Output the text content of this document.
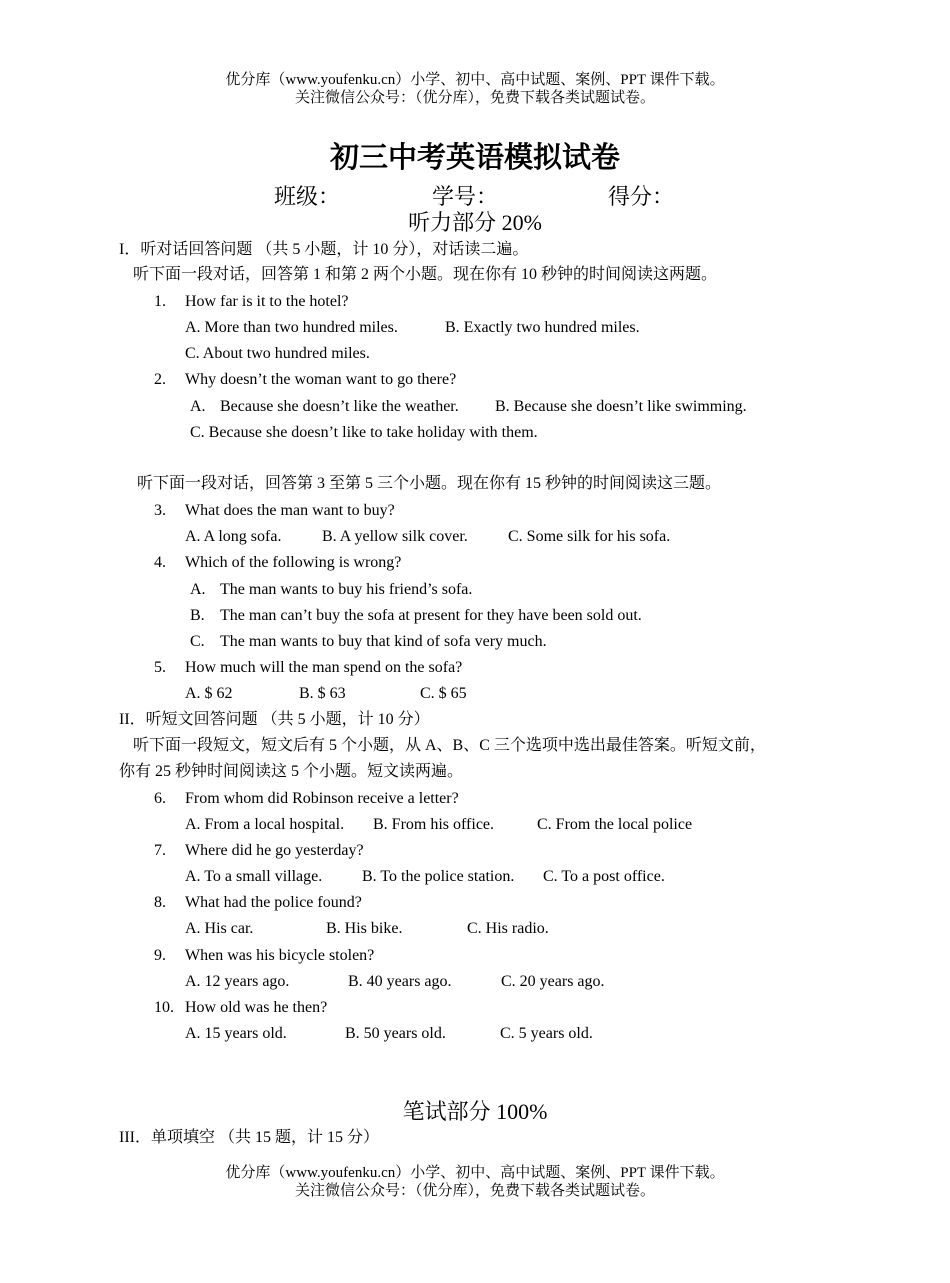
优分库（www.youfenku.cn）小学、初中、高中试题、案例、PPT 课件下载。
关注微信公众号：（优分库），免费下载各类试题试卷。
初三中考英语模拟试卷
班级：	学号：	得分：
听力部分 20%
I．听对话回答问题 （共 5 小题，计 10 分），对话读二遍。
听下面一段对话，回答第 1 和第 2 两个小题。现在你有 10 秒钟的时间阅读这两题。
1.	How far is it to the hotel?
A. More than two hundred miles.	B. Exactly two hundred miles.
C. About two hundred miles.
2.	Why doesn’t the woman want to go there?
A. Because she doesn’t like the weather. B. Because she doesn’t like swimming.
C. Because she doesn’t like to take holiday with them.
听下面一段对话，回答第 3 至第 5 三个小题。现在你有 15 秒钟的时间阅读这三题。
3.	What does the man want to buy?
A. A long sofa.	B. A yellow silk cover.	C. Some silk for his sofa.
4.	Which of the following is wrong?
A. The man wants to buy his friend’s sofa.
B. The man can’t buy the sofa at present for they have been sold out.
C. The man wants to buy that kind of sofa very much.
5.	How much will the man spend on the sofa?
A. $ 62	B. $ 63	C. $ 65
II．听短文回答问题 （共 5 小题，计 10 分）
听下面一段短文，短文后有 5 个小题，从 A、B、C 三个选项中选出最佳答案。听短文前，
你有 25 秒钟时间阅读这 5 个小题。短文读两遍。
6.	From whom did Robinson receive a letter?
A. From a local hospital. B. From his office.	C. From the local police
7.	Where did he go yesterday?
A. To a small village. B. To the police station. C. To a post office.
8.	What had the police found?
A. His car.	B. His bike.	C. His radio.
9.	When was his bicycle stolen?
A. 12 years ago.	B. 40 years ago.	C. 20 years ago.
10. How old was he then?
A. 15 years old.	B. 50 years old.	C. 5 years old.
笔试部分 100%
III．单项填空 （共 15 题，计 15 分）
优分库（www.youfenku.cn）小学、初中、高中试题、案例、PPT 课件下载。
关注微信公众号：（优分库），免费下载各类试题试卷。
